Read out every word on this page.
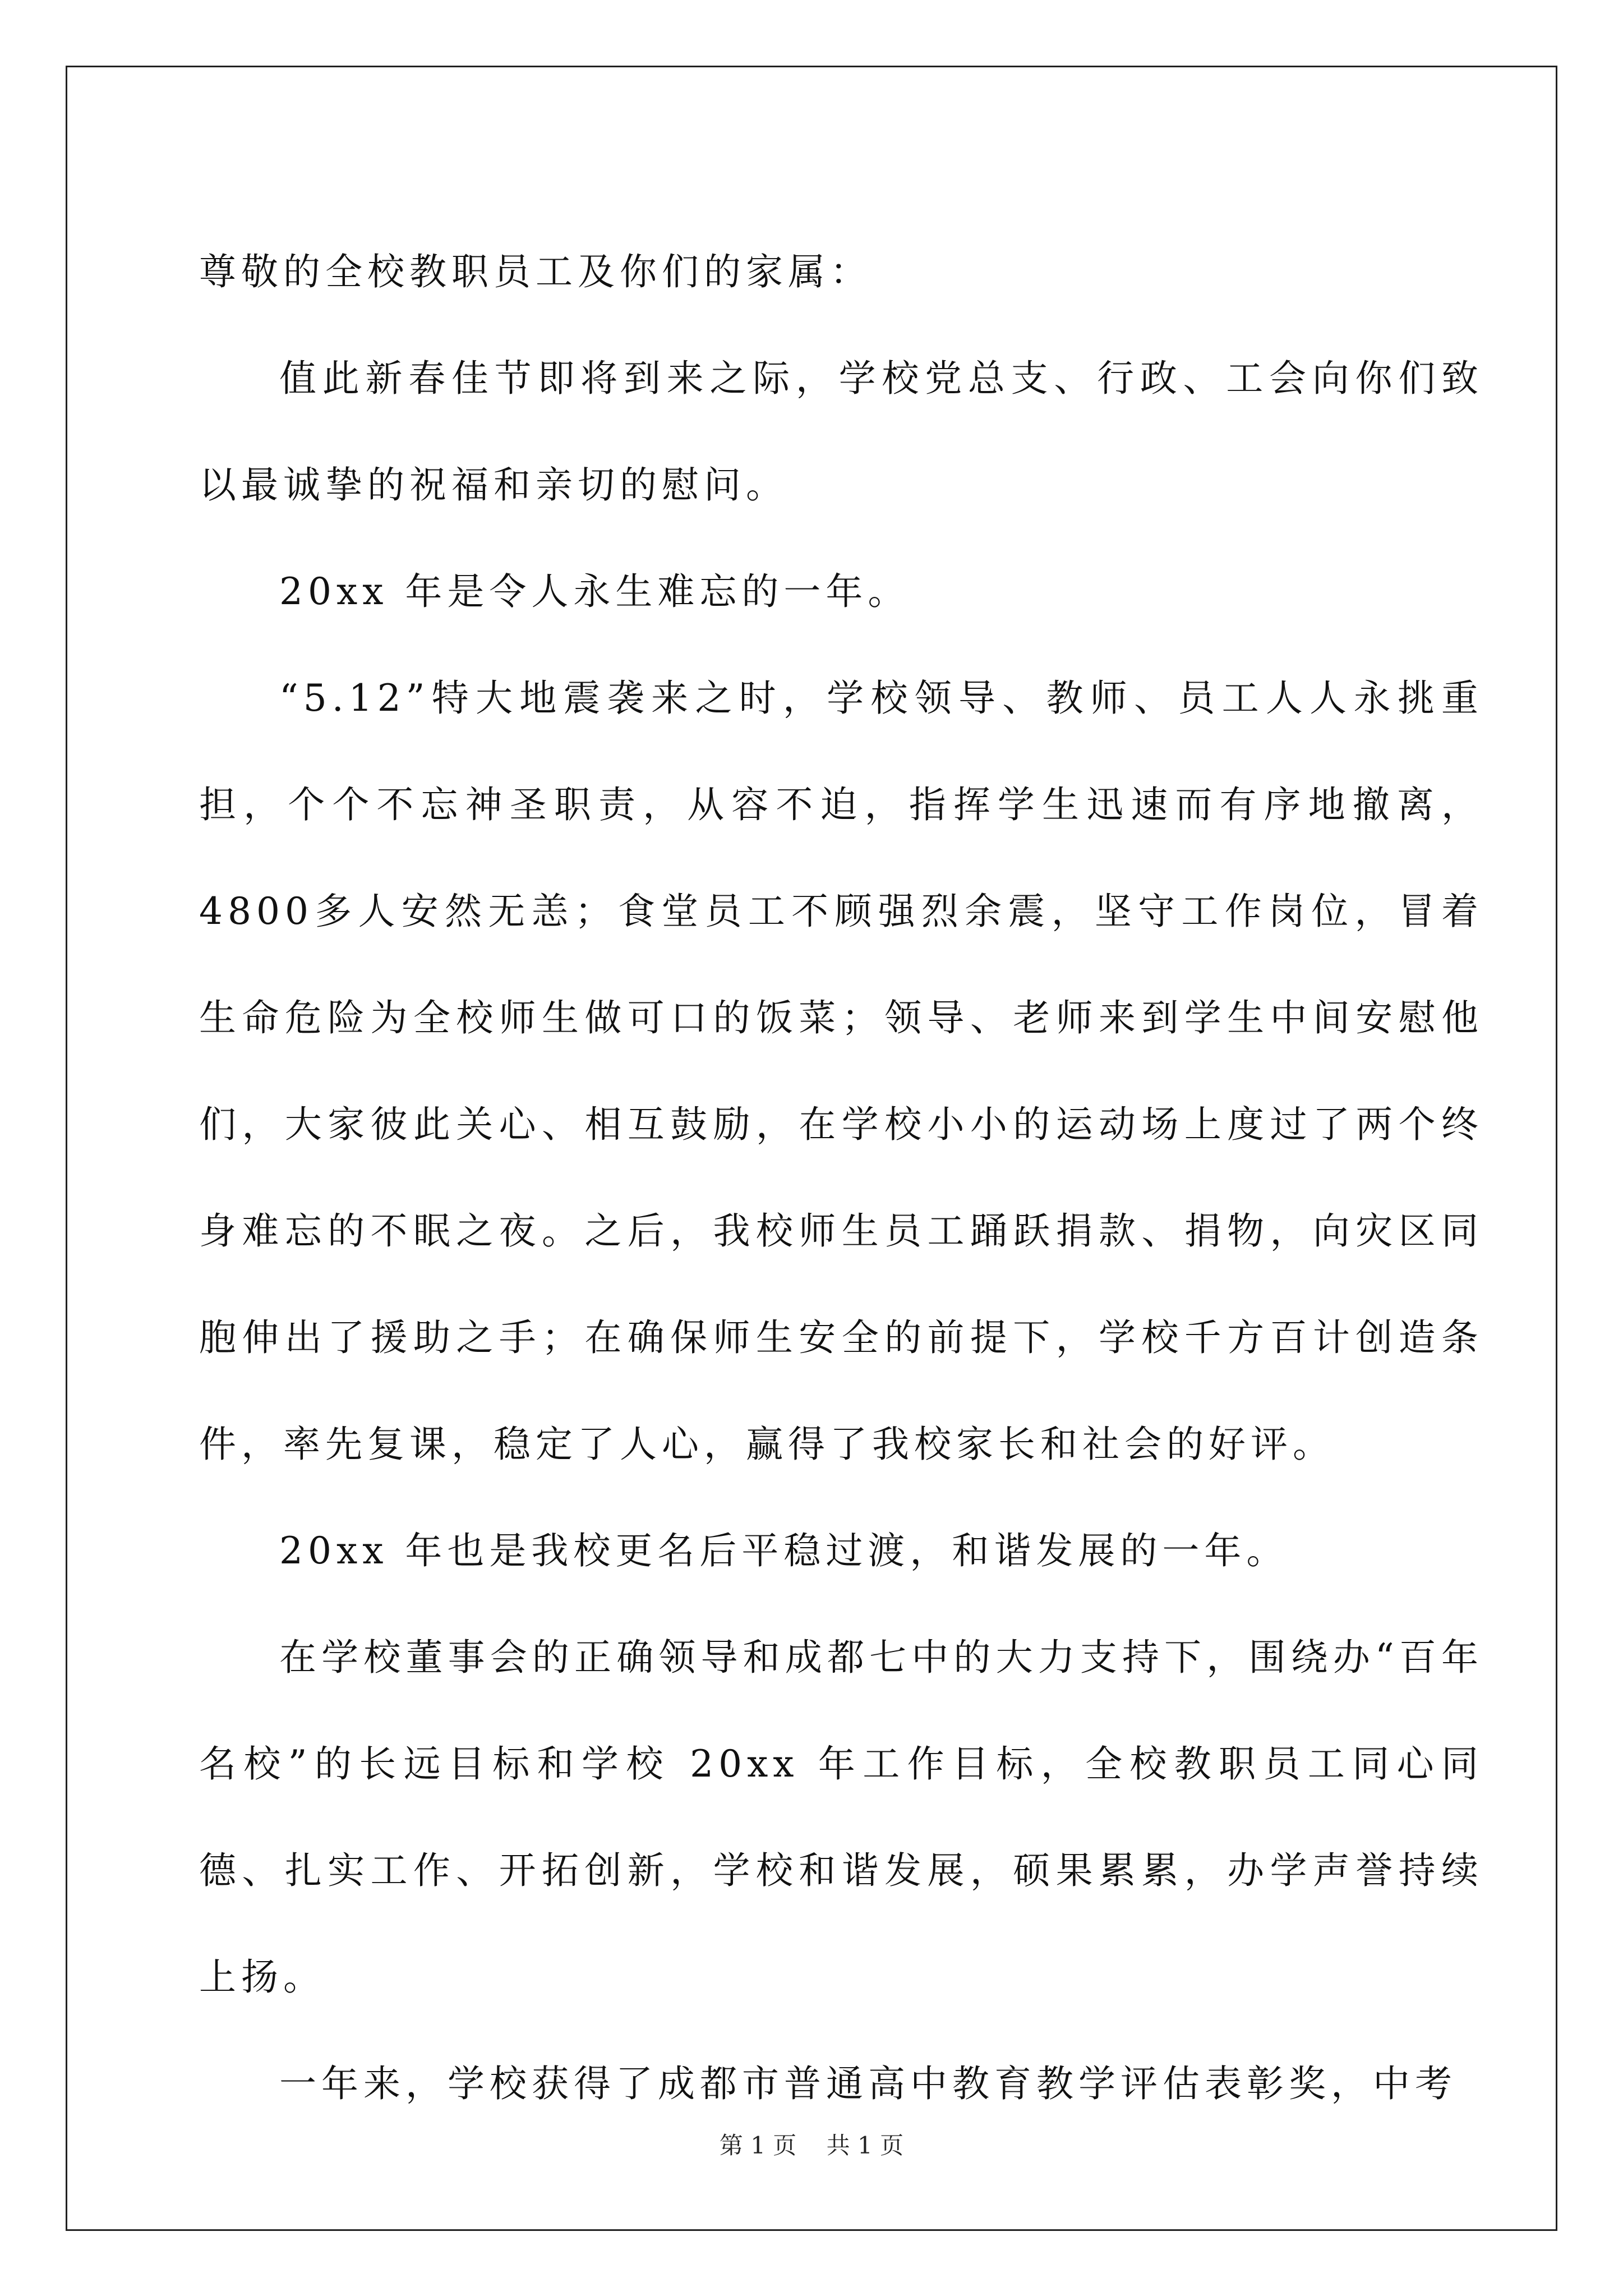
尊敬的全校教职员工及你们的家属：

值此新春佳节即将到来之际，学校党总支、行政、工会向你们致以最诚挚的祝福和亲切的慰问。

20xx 年是令人永生难忘的一年。

“5.12”特大地震袭来之时，学校领导、教师、员工人人永挑重担，个个不忘神圣职责，从容不迫，指挥学生迅速而有序地撤离，4800多人安然无恙；食堂员工不顾强烈余震，坚守工作岗位，冒着生命危险为全校师生做可口的饭菜；领导、老师来到学生中间安慰他们，大家彼此关心、相互鼓励，在学校小小的运动场上度过了两个终身难忘的不眠之夜。之后，我校师生员工踊跃捐款、捐物，向灾区同胞伸出了援助之手；在确保师生安全的前提下，学校千方百计创造条件，率先复课，稳定了人心，赢得了我校家长和社会的好评。

20xx 年也是我校更名后平稳过渡，和谐发展的一年。

在学校董事会的正确领导和成都七中的大力支持下，围绕办“百年名校”的长远目标和学校 20xx 年工作目标，全校教职员工同心同德、扎实工作、开拓创新，学校和谐发展，硕果累累，办学声誉持续上扬。

一年来，学校获得了成都市普通高中教育教学评估表彰奖，中考

第 1 页 共 1 页
